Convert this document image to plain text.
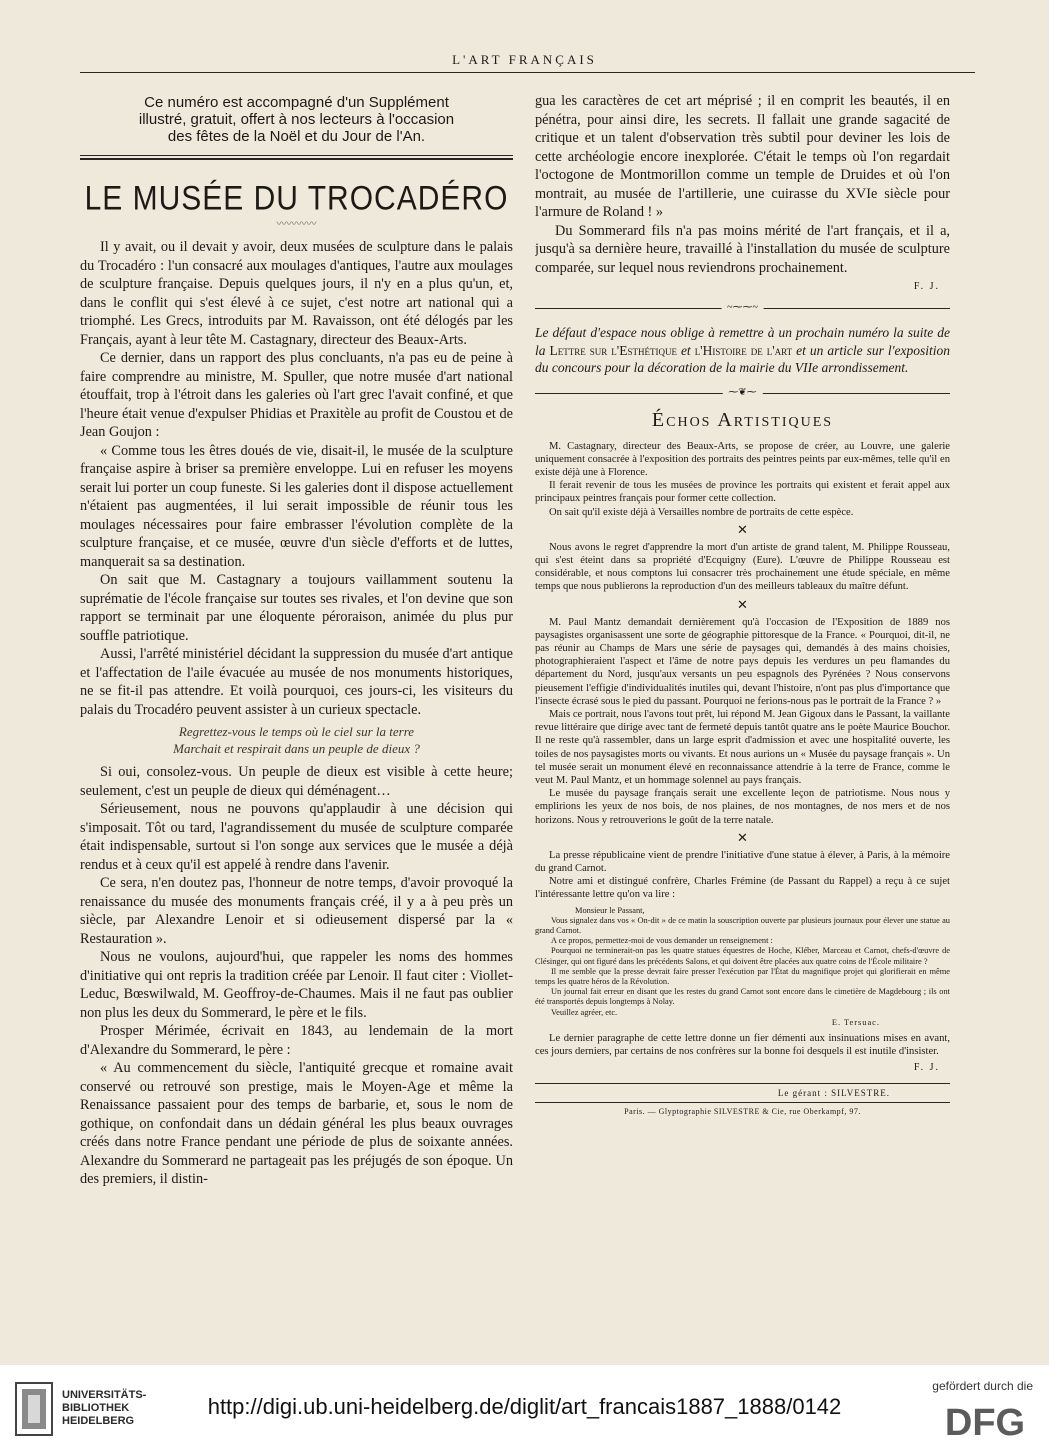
L'ART FRANÇAIS

Ce numéro est accompagné d'un Supplément

illustré, gratuit, offert à nos lecteurs à l'occasion

des fêtes de la Noël et du Jour de l'An.

LE MUSÉE DU TROCADÉRO
〰〰〰〰

Il y avait, ou il devait y avoir, deux musées de sculpture dans le palais du Trocadéro : l'un consacré aux moulages d'antiques, l'autre aux moulages de sculpture française. Depuis quelques jours, il n'y en a plus qu'un, et, dans le conflit qui s'est élevé à ce sujet, c'est notre art national qui a triomphé. Les Grecs, introduits par M. Ravaisson, ont été délogés par les Français, ayant à leur tête M. Castagnary, directeur des Beaux-Arts.

Ce dernier, dans un rapport des plus concluants, n'a pas eu de peine à faire comprendre au ministre, M. Spuller, que notre musée d'art national étouffait, trop à l'étroit dans les galeries où l'art grec l'avait confiné, et que l'heure était venue d'expulser Phidias et Praxitèle au profit de Coustou et de Jean Goujon :

« Comme tous les êtres doués de vie, disait-il, le musée de la sculpture française aspire à briser sa première enveloppe. Lui en refuser les moyens serait lui porter un coup funeste. Si les galeries dont il dispose actuellement n'étaient pas augmentées, il lui serait impossible de réunir tous les moulages nécessaires pour faire embrasser l'évolution complète de la sculpture française, et ce musée, œuvre d'un siècle d'efforts et de luttes, manquerait sa sa destination.

On sait que M. Castagnary a toujours vaillamment soutenu la suprématie de l'école française sur toutes ses rivales, et l'on devine que son rapport se terminait par une éloquente péroraison, animée du plus pur souffle patriotique.

Aussi, l'arrêté ministériel décidant la suppression du musée d'art antique et l'affectation de l'aile évacuée au musée de nos monuments historiques, ne se fit-il pas attendre. Et voilà pourquoi, ces jours-ci, les visiteurs du palais du Trocadéro peuvent assister à un curieux spectacle.

Regrettez-vous le temps où le ciel sur la terre
Marchait et respirait dans un peuple de dieux ?

Si oui, consolez-vous. Un peuple de dieux est visible à cette heure; seulement, c'est un peuple de dieux qui déménagent…

Sérieusement, nous ne pouvons qu'applaudir à une décision qui s'imposait. Tôt ou tard, l'agrandissement du musée de sculpture comparée était indispensable, surtout si l'on songe aux services que le musée a déjà rendus et à ceux qu'il est appelé à rendre dans l'avenir.

Ce sera, n'en doutez pas, l'honneur de notre temps, d'avoir provoqué la renaissance du musée des monuments français créé, il y a à peu près un siècle, par Alexandre Lenoir et si odieusement dispersé par la « Restauration ».

Nous ne voulons, aujourd'hui, que rappeler les noms des hommes d'initiative qui ont repris la tradition créée par Lenoir. Il faut citer : Viollet-Leduc, Bœswilwald, M. Geoffroy-de-Chaumes. Mais il ne faut pas oublier non plus les deux du Sommerard, le père et le fils.

Prosper Mérimée, écrivait en 1843, au lendemain de la mort d'Alexandre du Sommerard, le père :

« Au commencement du siècle, l'antiquité grecque et romaine avait conservé ou retrouvé son prestige, mais le Moyen-Age et même la Renaissance passaient pour des temps de barbarie, et, sous le nom de gothique, on confondait dans un dédain général les plus beaux ouvrages créés dans notre France pendant une période de plus de soixante années. Alexandre du Sommerard ne partageait pas les préjugés de son époque. Un des premiers, il distin-

gua les caractères de cet art méprisé ; il en comprit les beautés, il en pénétra, pour ainsi dire, les secrets. Il fallait une grande sagacité de critique et un talent d'observation très subtil pour deviner les lois de cette archéologie encore inexplorée. C'était le temps où l'on regardait l'octogone de Montmorillon comme un temple de Druides et où l'on montrait, au musée de l'artillerie, une cuirasse du XVIe siècle pour l'armure de Roland ! »

Du Sommerard fils n'a pas moins mérité de l'art français, et il a, jusqu'à sa dernière heure, travaillé à l'installation du musée de sculpture comparée, sur lequel nous reviendrons prochainement.

F. J.
~⁓⁓~
Le défaut d'espace nous oblige à remettre à un prochain numéro la suite de la Lettre sur l'Esthétique et l'Histoire de l'art et un article sur l'exposition du concours pour la décoration de la mairie du VIIe arrondissement.
⁓❦⁓
Échos Artistiques

M. Castagnary, directeur des Beaux-Arts, se propose de créer, au Louvre, une galerie uniquement consacrée à l'exposition des portraits des peintres peints par eux-mêmes, telle qu'il en existe déjà une à Florence.

Il ferait revenir de tous les musées de province les portraits qui existent et ferait appel aux principaux peintres français pour former cette collection.

On sait qu'il existe déjà à Versailles nombre de portraits de cette espèce.

✕

Nous avons le regret d'apprendre la mort d'un artiste de grand talent, M. Philippe Rousseau, qui s'est éteint dans sa propriété d'Ecquigny (Eure). L'œuvre de Philippe Rousseau est considérable, et nous comptons lui consacrer très prochainement une étude spéciale, en même temps que nous publierons la reproduction d'un des meilleurs tableaux du maître défunt.

✕

M. Paul Mantz demandait dernièrement qu'à l'occasion de l'Exposition de 1889 nos paysagistes organisassent une sorte de géographie pittoresque de la France. « Pourquoi, dit-il, ne pas réunir au Champs de Mars une série de paysages qui, demandés à des mains choisies, photographieraient l'aspect et l'âme de notre pays depuis les verdures un peu flamandes du département du Nord, jusqu'aux versants un peu espagnols des Pyrénées ? Nous conservons pieusement l'effigie d'individualités inutiles qui, devant l'histoire, n'ont pas plus d'importance que l'insecte écrasé sous le pied du passant. Pourquoi ne ferions-nous pas le portrait de la France ? »

Mais ce portrait, nous l'avons tout prêt, lui répond M. Jean Gigoux dans le Passant, la vaillante revue littéraire que dirige avec tant de fermeté depuis tantôt quatre ans le poète Maurice Bouchor. Il ne reste qu'à rassembler, dans un large esprit d'admission et avec une hospitalité ouverte, les toiles de nos paysagistes morts ou vivants. Et nous aurions un « Musée du paysage français ». Un tel musée serait un monument élevé en reconnaissance attendrie à la terre de France, comme le veut M. Paul Mantz, et un hommage solennel au pays français.

Le musée du paysage français serait une excellente leçon de patriotisme. Nous nous y emplirions les yeux de nos bois, de nos plaines, de nos montagnes, de nos mers et de nos horizons. Nous y retrouverions le goût de la terre natale.

✕

La presse républicaine vient de prendre l'initiative d'une statue à élever, à Paris, à la mémoire du grand Carnot.

Notre ami et distingué confrère, Charles Frémine (de Passant du Rappel) a reçu à ce sujet l'intéressante lettre qu'on va lire :

Monsieur le Passant,

Vous signalez dans vos « On-dit » de ce matin la souscription ouverte par plusieurs journaux pour élever une statue au grand Carnot.

A ce propos, permettez-moi de vous demander un renseignement :

Pourquoi ne terminerait-on pas les quatre statues équestres de Hoche, Kléber, Marceau et Carnot, chefs-d'œuvre de Clésinger, qui ont figuré dans les précédents Salons, et qui doivent être placées aux quatre coins de l'École militaire ?

Il me semble que la presse devrait faire presser l'exécution par l'État du magnifique projet qui glorifierait en même temps les quatre héros de la Révolution.

Un journal fait erreur en disant que les restes du grand Carnot sont encore dans le cimetière de Magdebourg ; ils ont été transportés depuis longtemps à Nolay.

Veuillez agréer, etc.

E. Tersuac.

Le dernier paragraphe de cette lettre donne un fier démenti aux insinuations mises en avant, ces jours derniers, par certains de nos confrères sur la bonne foi desquels il est inutile d'insister.

F. J.
Le gérant : SILVESTRE.
Paris. — Glyptographie SILVESTRE & Cie, rue Oberkampf, 97.
UNIVERSITÄTS-
BIBLIOTHEK
HEIDELBERG
http://digi.ub.uni-heidelberg.de/diglit/art_francais1887_1888/0142
gefördert durch die
DFG
